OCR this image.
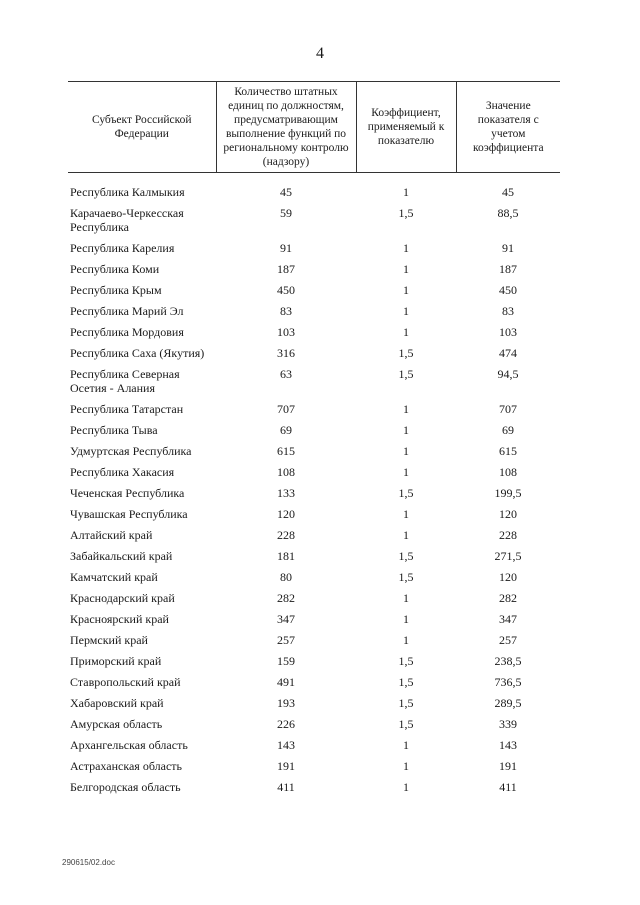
4
Субъект Российской Федерации	Количество штатных единиц по должностям, предусматривающим выполнение функций по региональному контролю (надзору)	Коэффициент, применяемый к показателю	Значение показателя с учетом коэффициента

Республика Калмыкия	45	1	45
Карачаево-Черкесская Республика	59	1,5	88,5
Республика Карелия	91	1	91
Республика Коми	187	1	187
Республика Крым	450	1	450
Республика Марий Эл	83	1	83
Республика Мордовия	103	1	103
Республика Саха (Якутия)	316	1,5	474
Республика Северная Осетия - Алания	63	1,5	94,5
Республика Татарстан	707	1	707
Республика Тыва	69	1	69
Удмуртская Республика	615	1	615
Республика Хакасия	108	1	108
Чеченская Республика	133	1,5	199,5
Чувашская Республика	120	1	120
Алтайский край	228	1	228
Забайкальский край	181	1,5	271,5
Камчатский край	80	1,5	120
Краснодарский край	282	1	282
Красноярский край	347	1	347
Пермский край	257	1	257
Приморский край	159	1,5	238,5
Ставропольский край	491	1,5	736,5
Хабаровский край	193	1,5	289,5
Амурская область	226	1,5	339
Архангельская область	143	1	143
Астраханская область	191	1	191
Белгородская область	411	1	411
290615/02.doc
